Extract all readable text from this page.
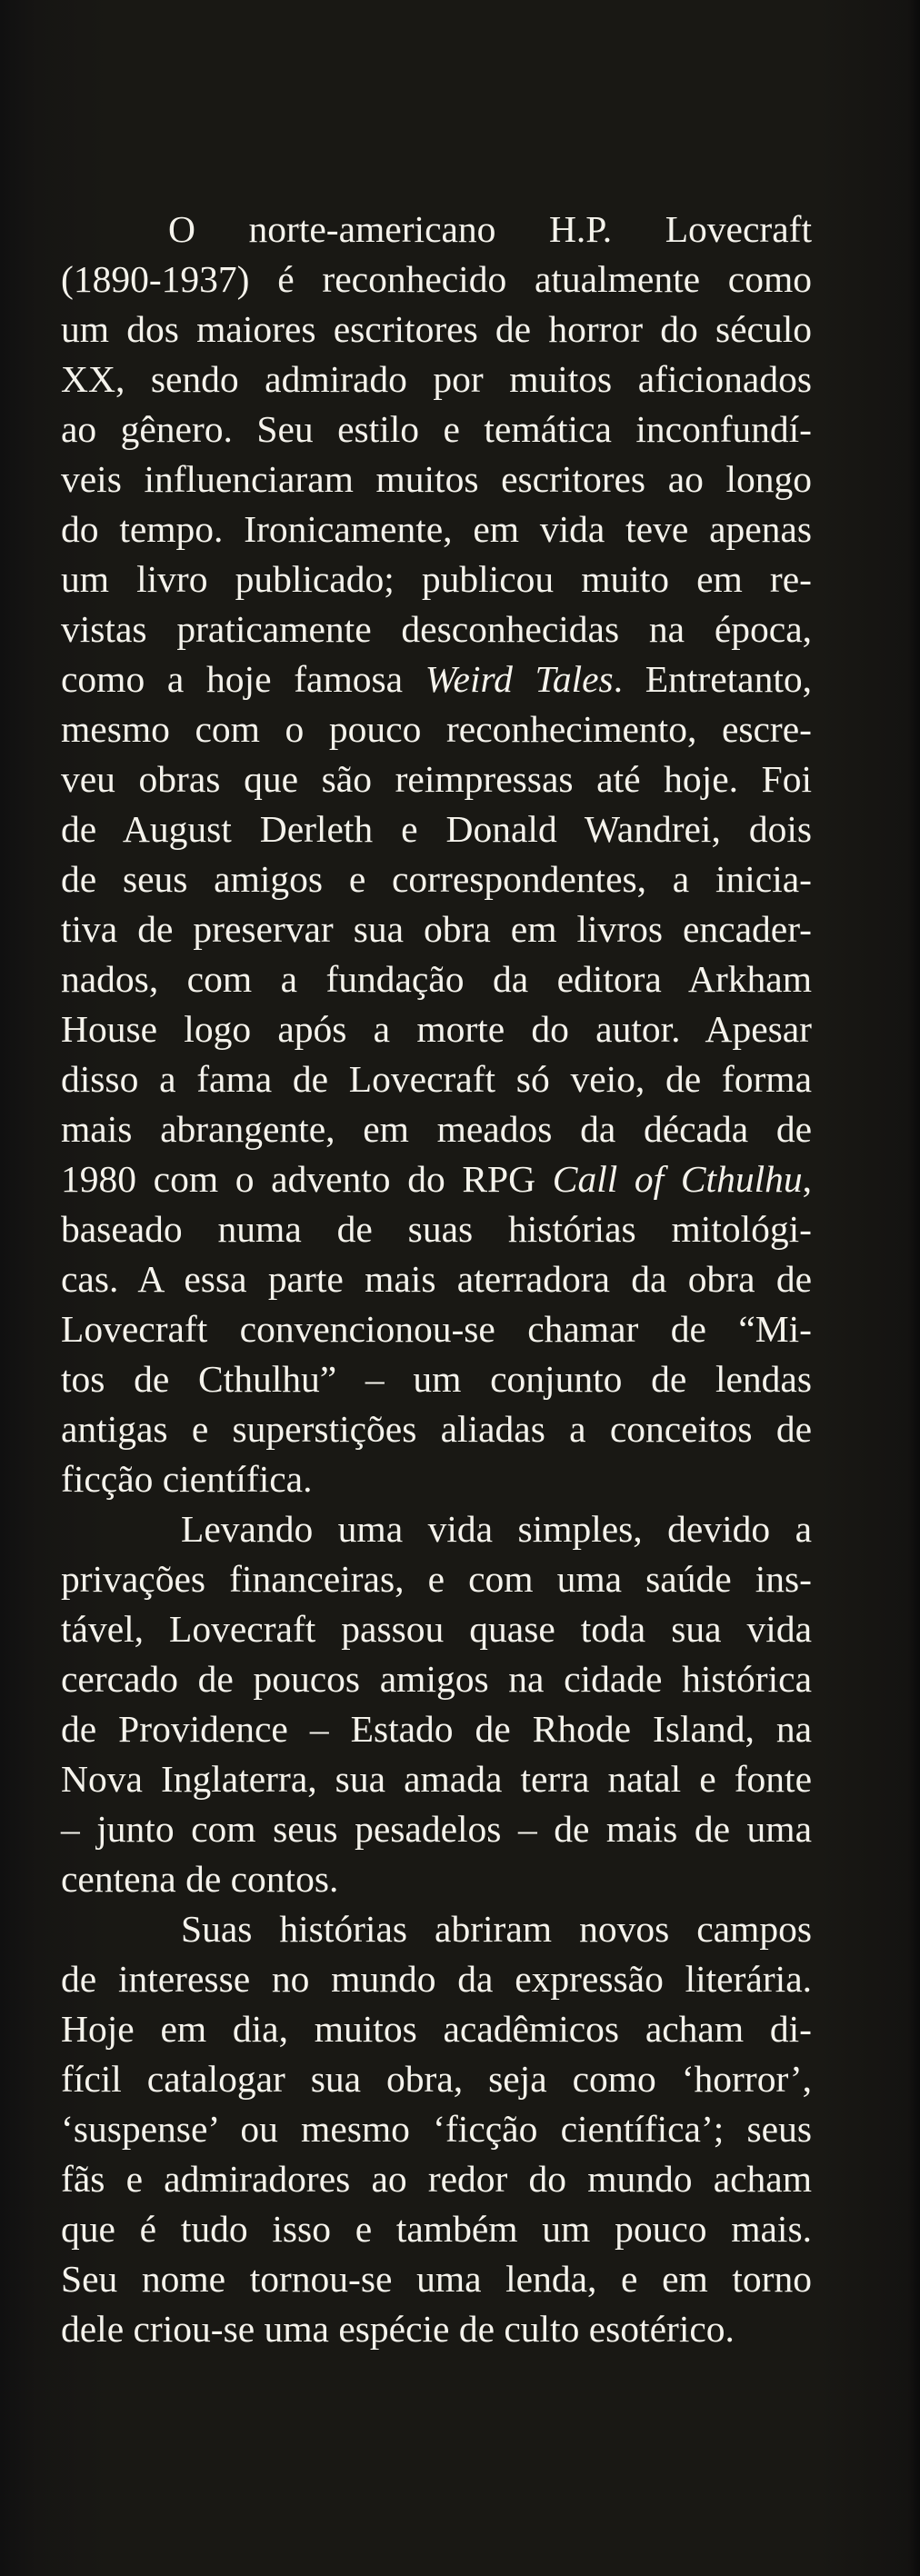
O norte-americano H.P. Lovecraft
(1890-1937) é reconhecido atualmente como
um dos maiores escritores de horror do século
XX, sendo admirado por muitos aficionados
ao gênero. Seu estilo e temática inconfundí-
veis influenciaram muitos escritores ao longo
do tempo. Ironicamente, em vida teve apenas
um livro publicado; publicou muito em re-
vistas praticamente desconhecidas na época,
como a hoje famosa Weird Tales. Entretanto,
mesmo com o pouco reconhecimento, escre-
veu obras que são reimpressas até hoje. Foi
de August Derleth e Donald Wandrei, dois
de seus amigos e correspondentes, a inicia-
tiva de preservar sua obra em livros encader-
nados, com a fundação da editora Arkham
House logo após a morte do autor. Apesar
disso a fama de Lovecraft só veio, de forma
mais abrangente, em meados da década de
1980 com o advento do RPG Call of Cthulhu,
baseado numa de suas histórias mitológi-
cas. A essa parte mais aterradora da obra de
Lovecraft convencionou-se chamar de “Mi-
tos de Cthulhu” – um conjunto de lendas
antigas e superstições aliadas a conceitos de
ficção científica.
Levando uma vida simples, devido a
privações financeiras, e com uma saúde ins-
tável, Lovecraft passou quase toda sua vida
cercado de poucos amigos na cidade histórica
de Providence – Estado de Rhode Island, na
Nova Inglaterra, sua amada terra natal e fonte
– junto com seus pesadelos – de mais de uma
centena de contos.
Suas histórias abriram novos campos
de interesse no mundo da expressão literária.
Hoje em dia, muitos acadêmicos acham di-
fícil catalogar sua obra, seja como ‘horror’,
‘suspense’ ou mesmo ‘ficção científica’; seus
fãs e admiradores ao redor do mundo acham
que é tudo isso e também um pouco mais.
Seu nome tornou-se uma lenda, e em torno
dele criou-se uma espécie de culto esotérico.
